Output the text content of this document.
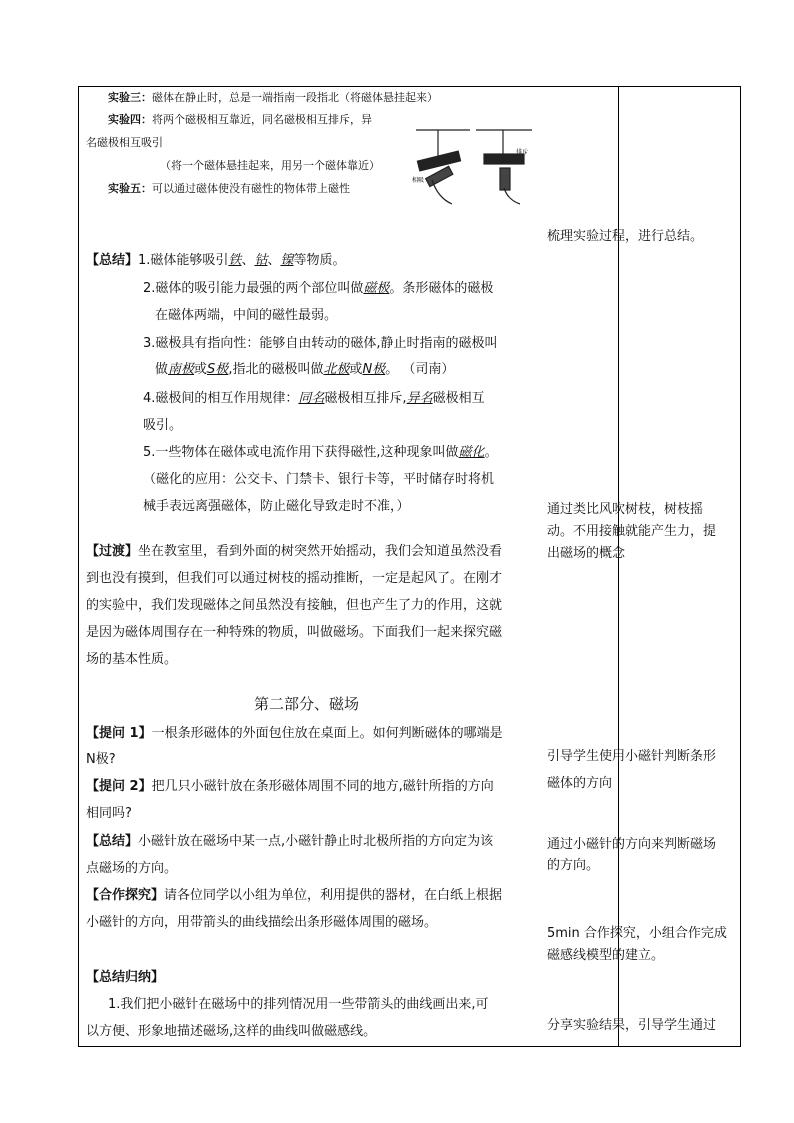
实验三：磁体在静止时，总是一端指南一段指北（将磁体悬挂起来）
实验四：将两个磁极相互靠近，同名磁极相互排斥，异
名磁极相互吸引
（将一个磁体悬挂起来，用另一个磁体靠近）
实验五：可以通过磁体使没有磁性的物体带上磁性
相吸
排斥
【总结】1.磁体能够吸引铁、钴、镍等物质。
2.磁体的吸引能力最强的两个部位叫做磁极。条形磁体的磁极
在磁体两端，中间的磁性最弱。
3.磁极具有指向性：能够自由转动的磁体,静止时指南的磁极叫
做南极或S极,指北的磁极叫做北极或N极。 （司南）
4.磁极间的相互作用规律：同名磁极相互排斥,异名磁极相互
吸引。
5.一些物体在磁体或电流作用下获得磁性,这种现象叫做磁化。
（磁化的应用：公交卡、门禁卡、银行卡等，平时储存时将机
械手表远离强磁体，防止磁化导致走时不准，）
【过渡】坐在教室里，看到外面的树突然开始摇动，我们会知道虽然没看
到也没有摸到，但我们可以通过树枝的摇动推断，一定是起风了。在刚才
的实验中，我们发现磁体之间虽然没有接触，但也产生了力的作用，这就
是因为磁体周围存在一种特殊的物质，叫做磁场。下面我们一起来探究磁
场的基本性质。
第二部分、磁场
【提问 1】一根条形磁体的外面包住放在桌面上。如何判断磁体的哪端是
N极?
【提问 2】把几只小磁针放在条形磁体周围不同的地方,磁针所指的方向
相同吗?
【总结】小磁针放在磁场中某一点,小磁针静止时北极所指的方向定为该
点磁场的方向。
【合作探究】请各位同学以小组为单位，利用提供的器材，在白纸上根据
小磁针的方向，用带箭头的曲线描绘出条形磁体周围的磁场。
【总结归纳】
1.我们把小磁针在磁场中的排列情况用一些带箭头的曲线画出来,可
以方便、形象地描述磁场,这样的曲线叫做磁感线。
梳理实验过程，进行总结。
通过类比风吹树枝，树枝摇
动。不用接触就能产生力，提
出磁场的概念
引导学生使用小磁针判断条形
磁体的方向
通过小磁针的方向来判断磁场
的方向。
5min 合作探究，小组合作完成
磁感线模型的建立。
分享实验结果，引导学生通过
